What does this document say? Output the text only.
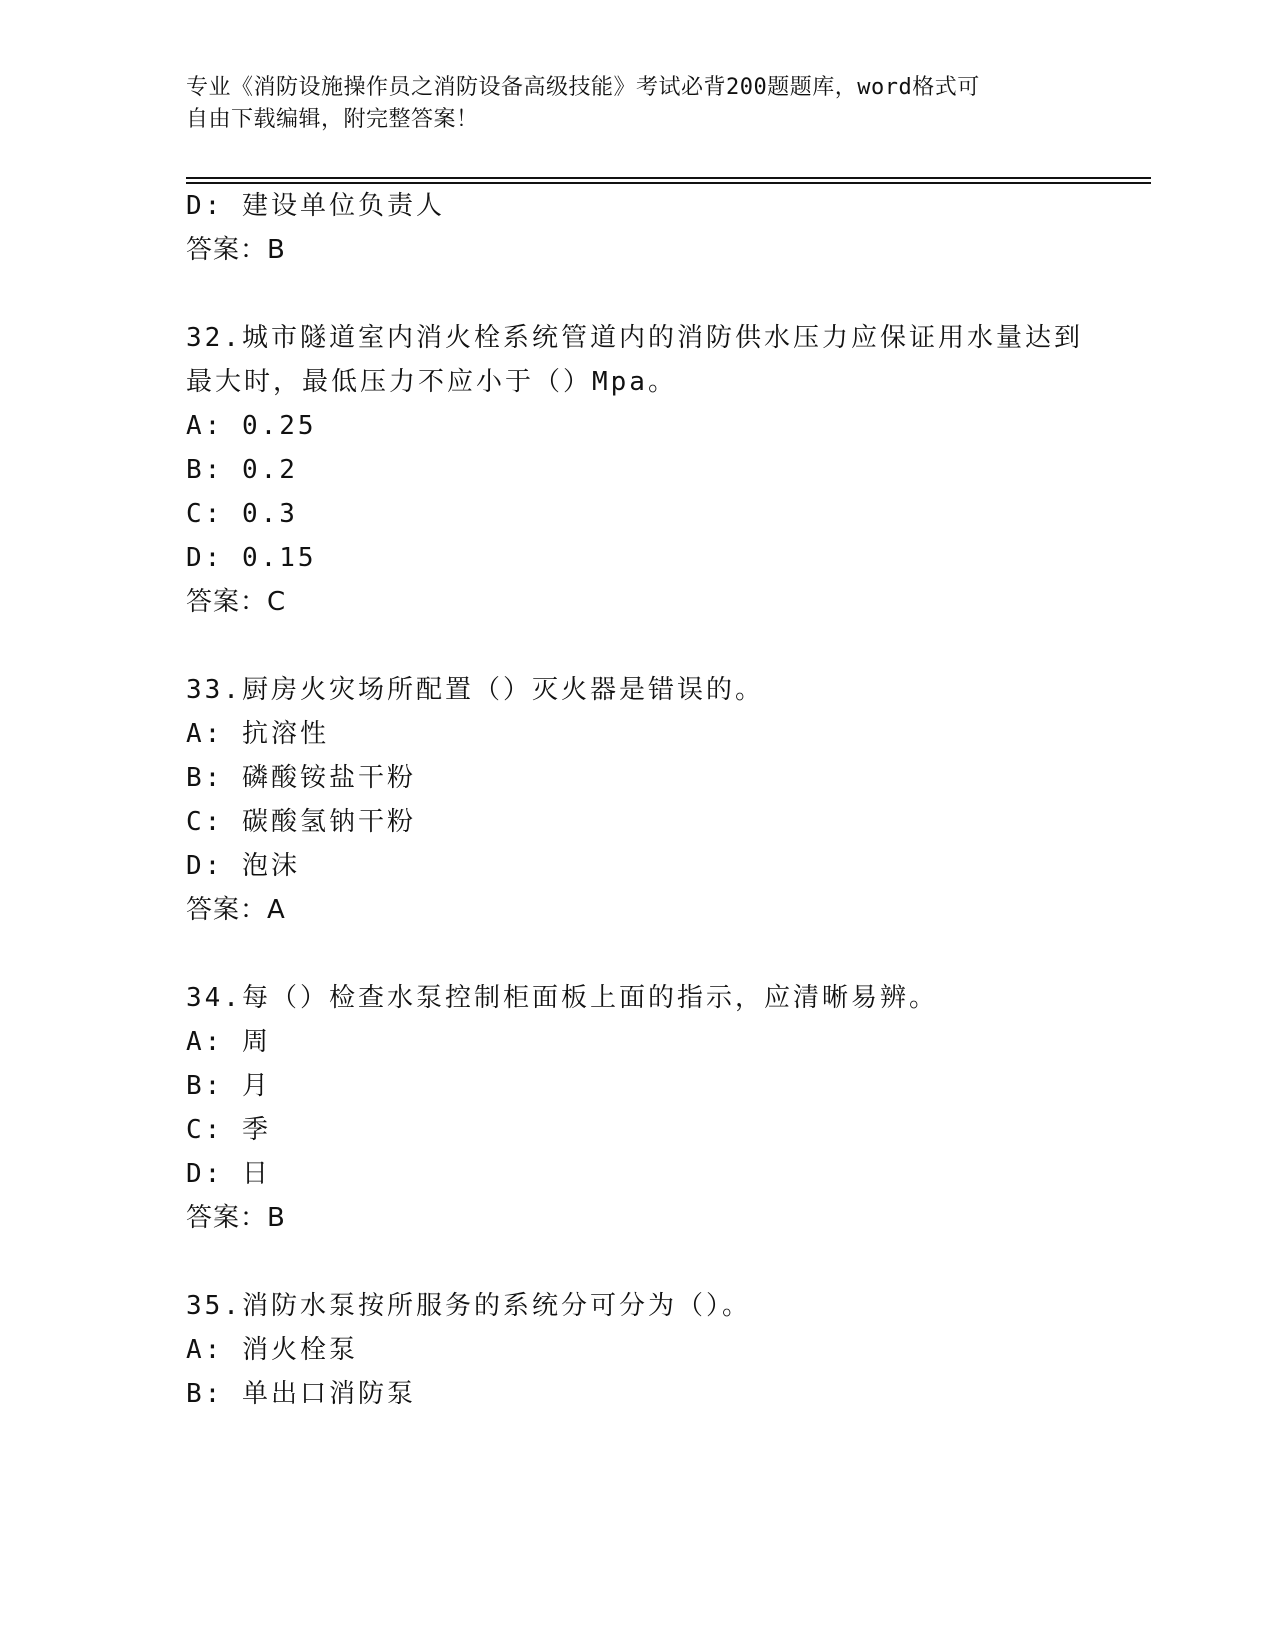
专业《消防设施操作员之消防设备高级技能》考试必背200题题库，word格式可
自由下载编辑，附完整答案！
D: 建设单位负责人
答案：B
32.城市隧道室内消火栓系统管道内的消防供水压力应保证用水量达到
最大时，最低压力不应小于（）Mpa。
A: 0.25
B: 0.2
C: 0.3
D: 0.15
答案：C
33.厨房火灾场所配置（）灭火器是错误的。
A: 抗溶性
B: 磷酸铵盐干粉
C: 碳酸氢钠干粉
D: 泡沫
答案：A
34.每（）检查水泵控制柜面板上面的指示，应清晰易辨。
A: 周
B: 月
C: 季
D: 日
答案：B
35.消防水泵按所服务的系统分可分为（）。
A: 消火栓泵
B: 单出口消防泵
